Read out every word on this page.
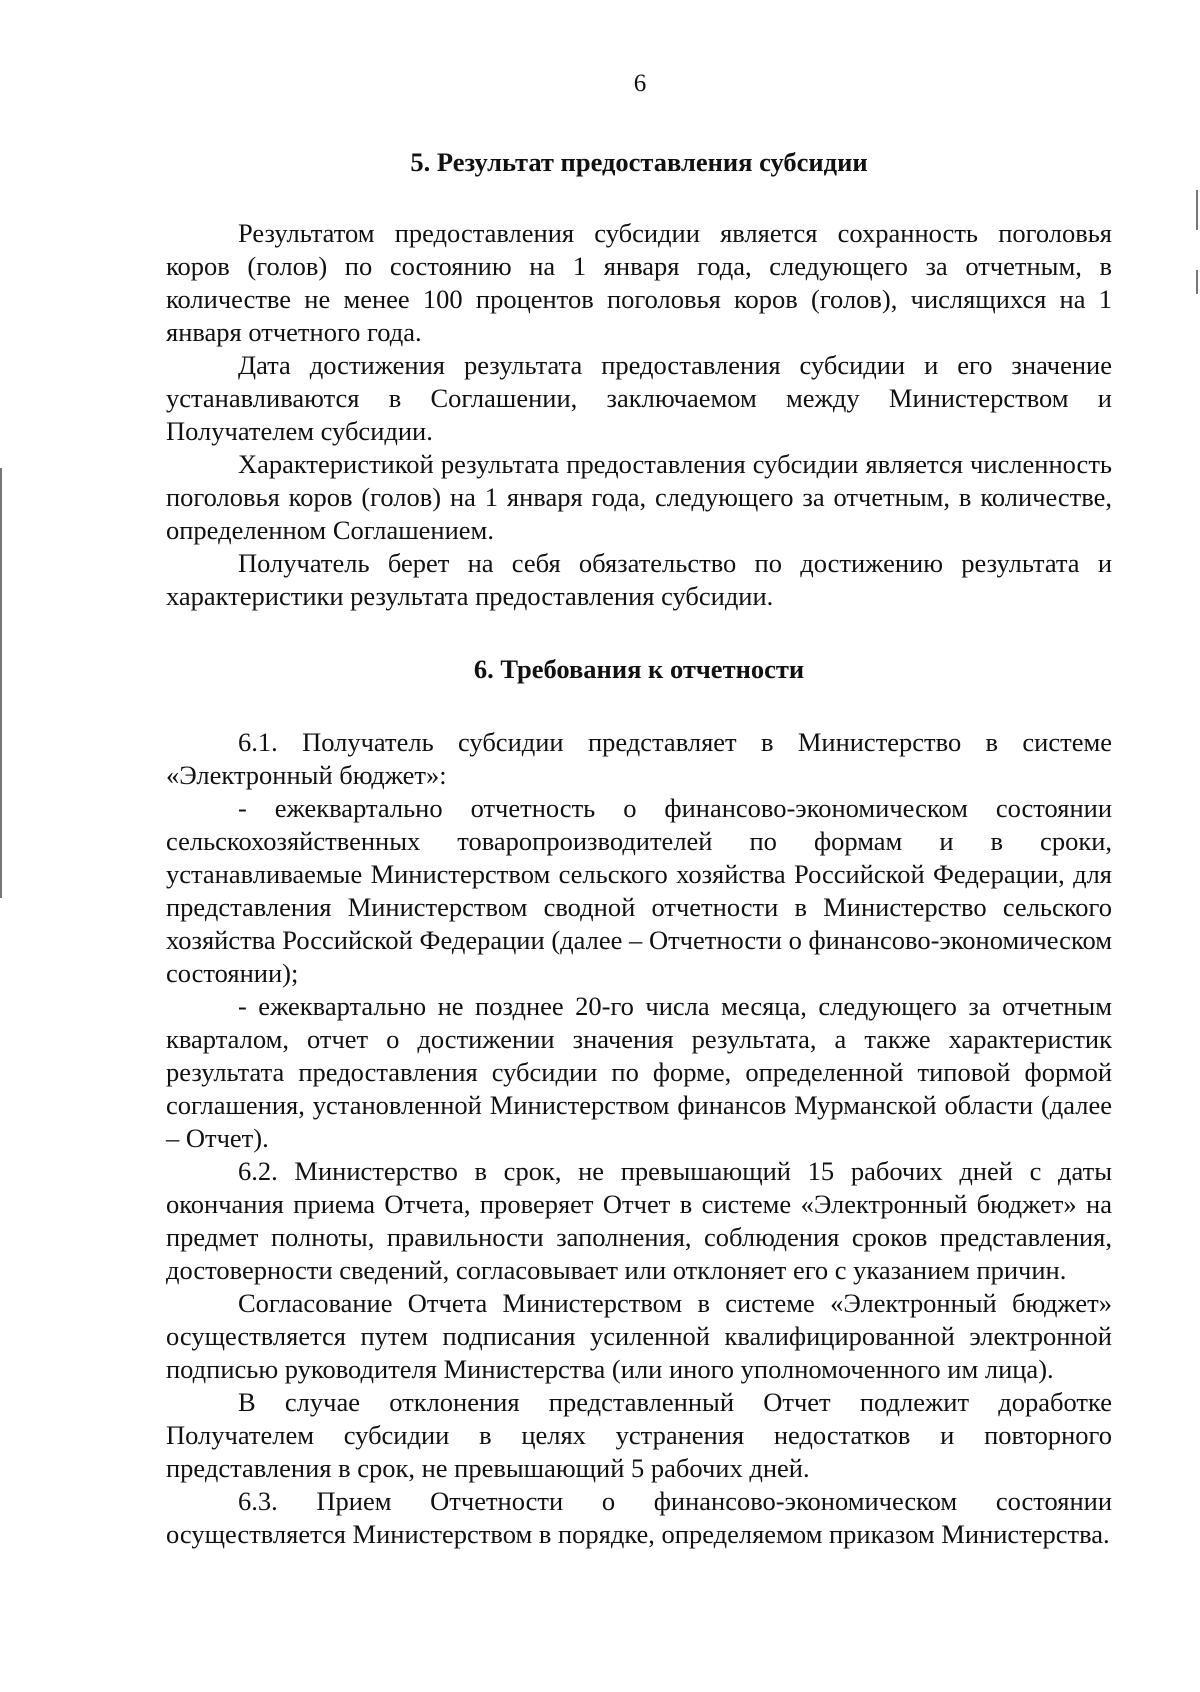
6
5. Результат предоставления субсидии

Результатом предоставления субсидии является сохранность поголовья коров (голов) по состоянию на 1 января года, следующего за отчетным, в количестве не менее 100 процентов поголовья коров (голов), числящихся на 1 января отчетного года.

Дата достижения результата предоставления субсидии и его значение устанавливаются в Соглашении, заключаемом между Министерством и Получателем субсидии.

Характеристикой результата предоставления субсидии является численность поголовья коров (голов) на 1 января года, следующего за отчетным, в количестве, определенном Соглашением.

Получатель берет на себя обязательство по достижению результата и характеристики результата предоставления субсидии.

6. Требования к отчетности

6.1. Получатель субсидии представляет в Министерство в системе «Электронный бюджет»:

- ежеквартально отчетность о финансово-экономическом состоянии сельскохозяйственных товаропроизводителей по формам и в сроки, устанавливаемые Министерством сельского хозяйства Российской Федерации, для представления Министерством сводной отчетности в Министерство сельского хозяйства Российской Федерации (далее – Отчетности о финансово-экономическом состоянии);

- ежеквартально не позднее 20-го числа месяца, следующего за отчетным кварталом, отчет о достижении значения результата, а также характеристик результата предоставления субсидии по форме, определенной типовой формой соглашения, установленной Министерством финансов Мурманской области (далее – Отчет).

6.2. Министерство в срок, не превышающий 15 рабочих дней с даты окончания приема Отчета, проверяет Отчет в системе «Электронный бюджет» на предмет полноты, правильности заполнения, соблюдения сроков представления, достоверности сведений, согласовывает или отклоняет его с указанием причин.

Согласование Отчета Министерством в системе «Электронный бюджет» осуществляется путем подписания усиленной квалифицированной электронной подписью руководителя Министерства (или иного уполномоченного им лица).

В случае отклонения представленный Отчет подлежит доработке Получателем субсидии в целях устранения недостатков и повторного представления в срок, не превышающий 5 рабочих дней.

6.3. Прием Отчетности о финансово-экономическом состоянии осуществляется Министерством в порядке, определяемом приказом Министерства.
